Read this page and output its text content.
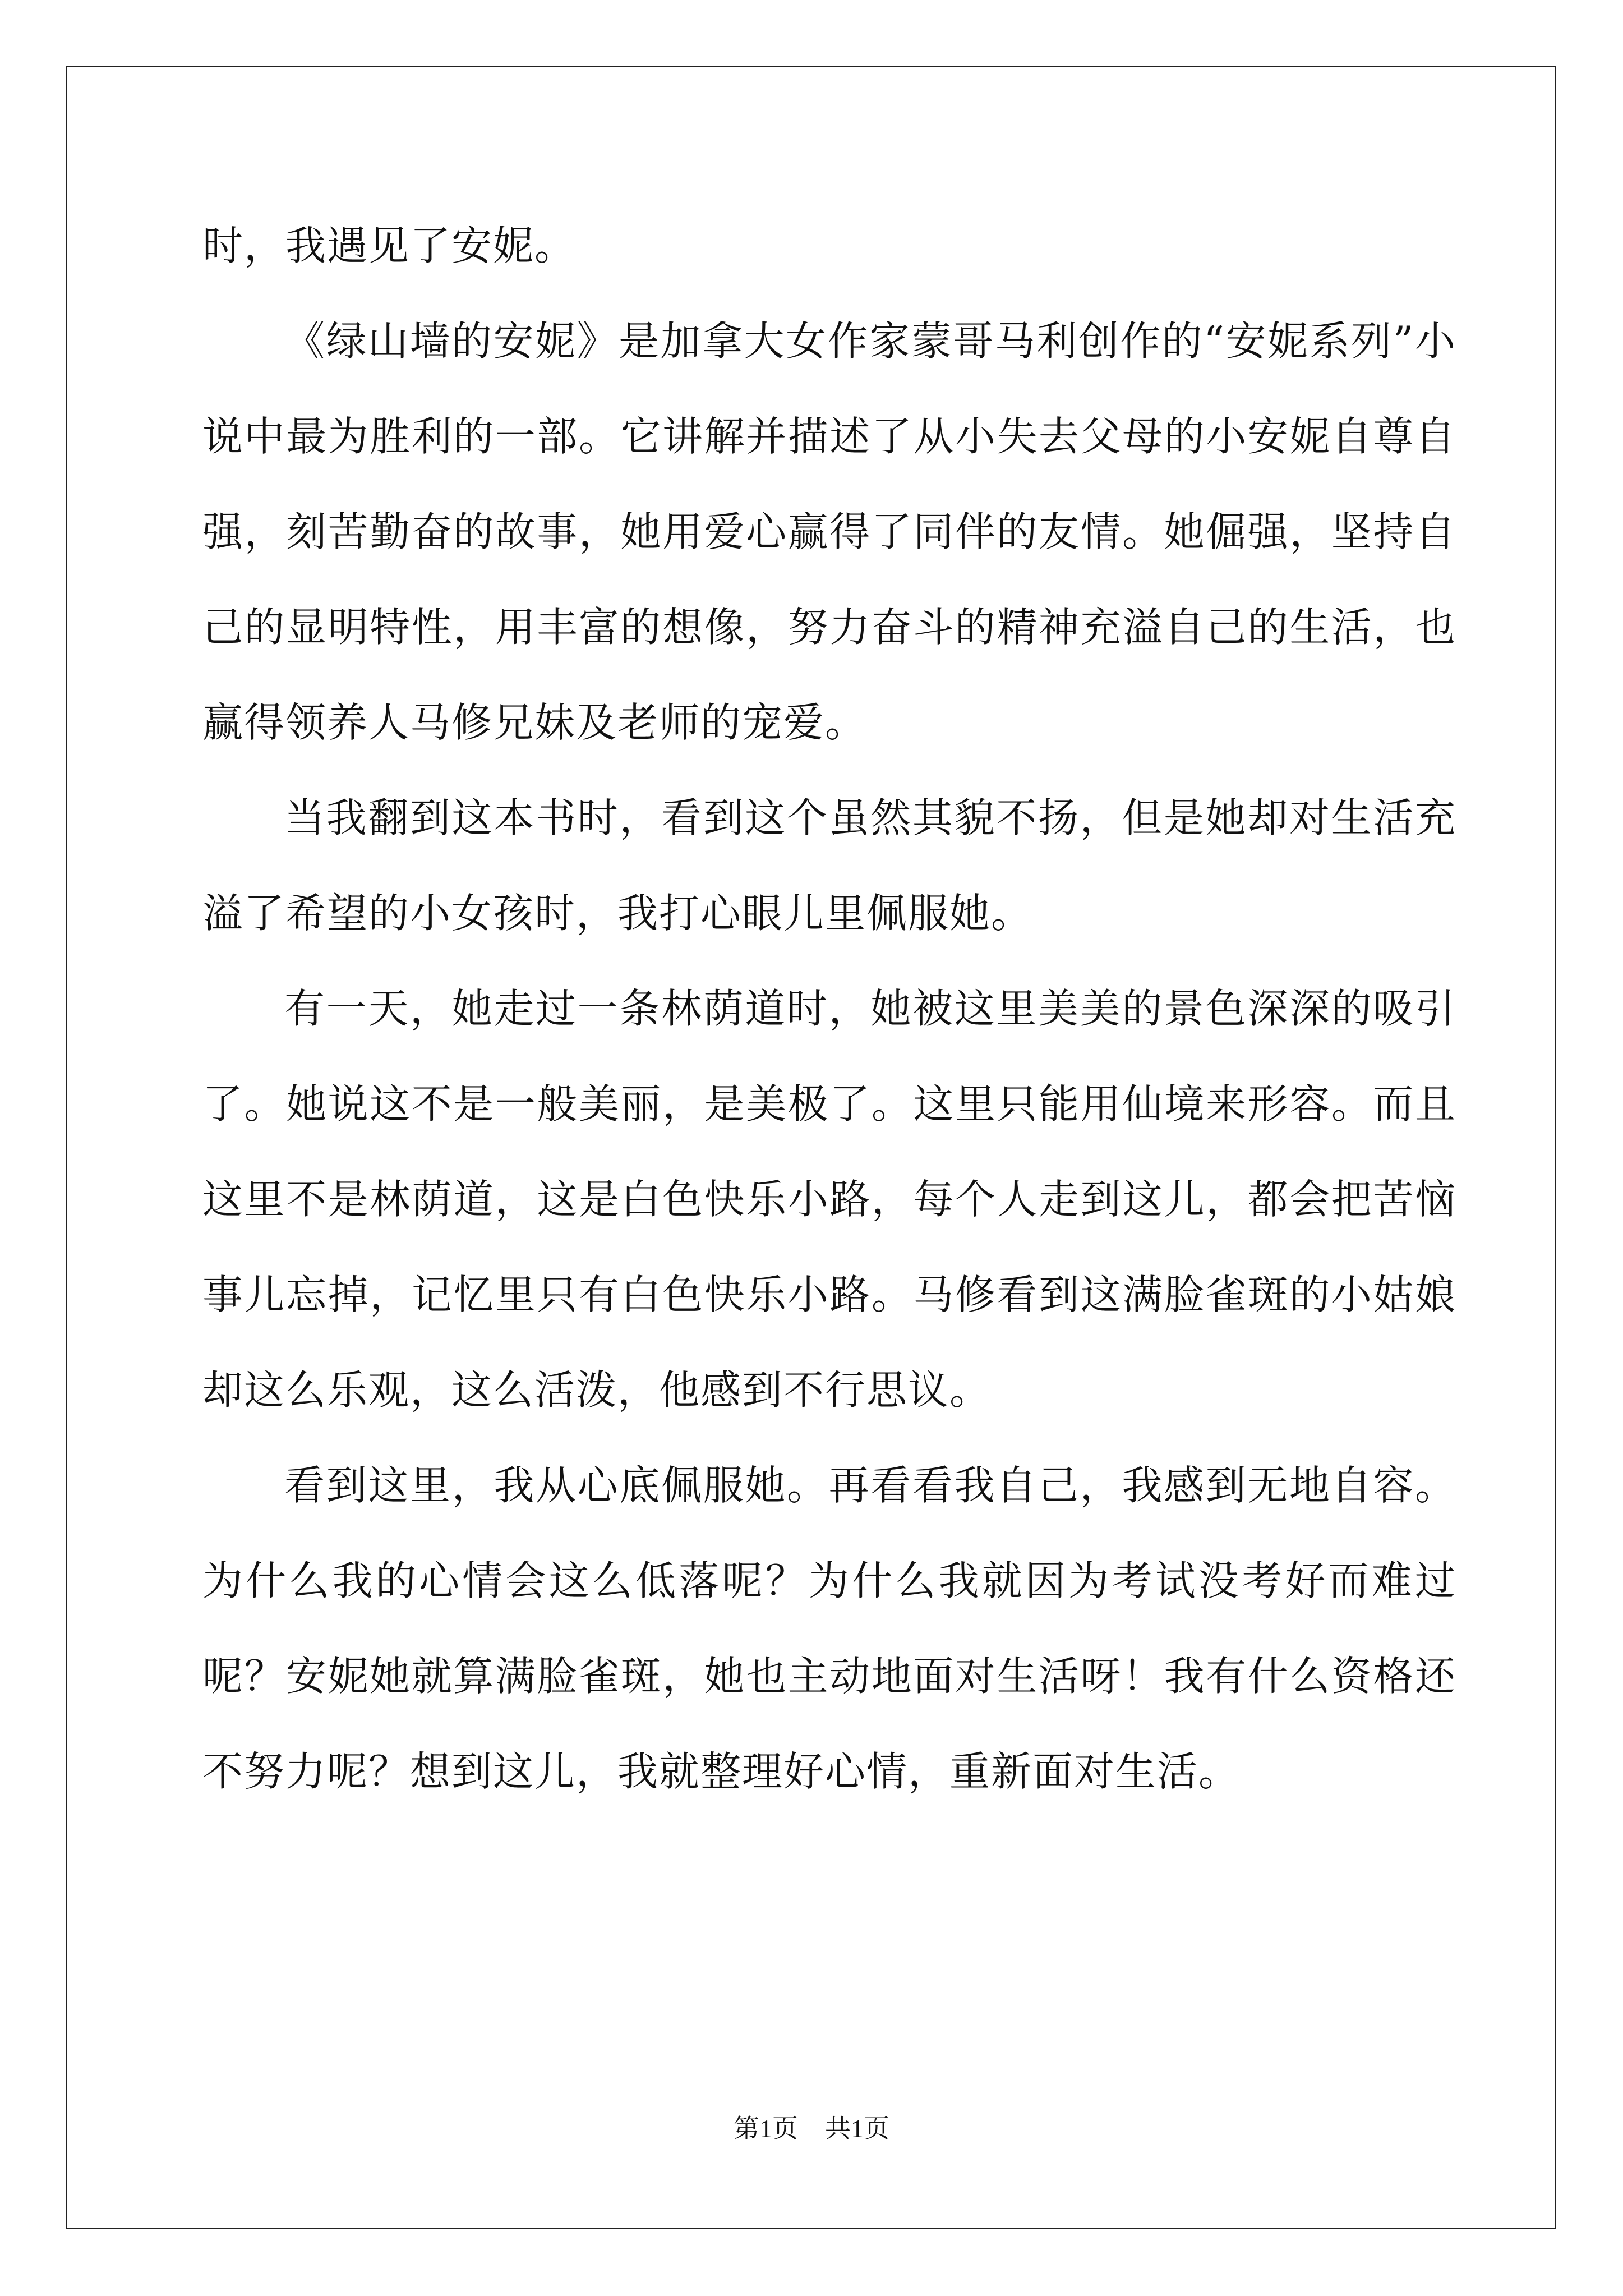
时，我遇见了安妮。

《绿山墙的安妮》是加拿大女作家蒙哥马利创作的“安妮系列”小说中最为胜利的一部。它讲解并描述了从小失去父母的小安妮自尊自强，刻苦勤奋的故事，她用爱心赢得了同伴的友情。她倔强，坚持自己的显明特性，用丰富的想像，努力奋斗的精神充溢自己的生活，也赢得领养人马修兄妹及老师的宠爱。

当我翻到这本书时，看到这个虽然其貌不扬，但是她却对生活充溢了希望的小女孩时，我打心眼儿里佩服她。

有一天，她走过一条林荫道时，她被这里美美的景色深深的吸引了。她说这不是一般美丽，是美极了。这里只能用仙境来形容。而且这里不是林荫道，这是白色快乐小路，每个人走到这儿，都会把苦恼事儿忘掉，记忆里只有白色快乐小路。马修看到这满脸雀斑的小姑娘却这么乐观，这么活泼，他感到不行思议。

看到这里，我从心底佩服她。再看看我自己，我感到无地自容。为什么我的心情会这么低落呢？为什么我就因为考试没考好而难过呢？安妮她就算满脸雀斑，她也主动地面对生活呀！我有什么资格还不努力呢？想到这儿，我就整理好心情，重新面对生活。

第1页 共1页
